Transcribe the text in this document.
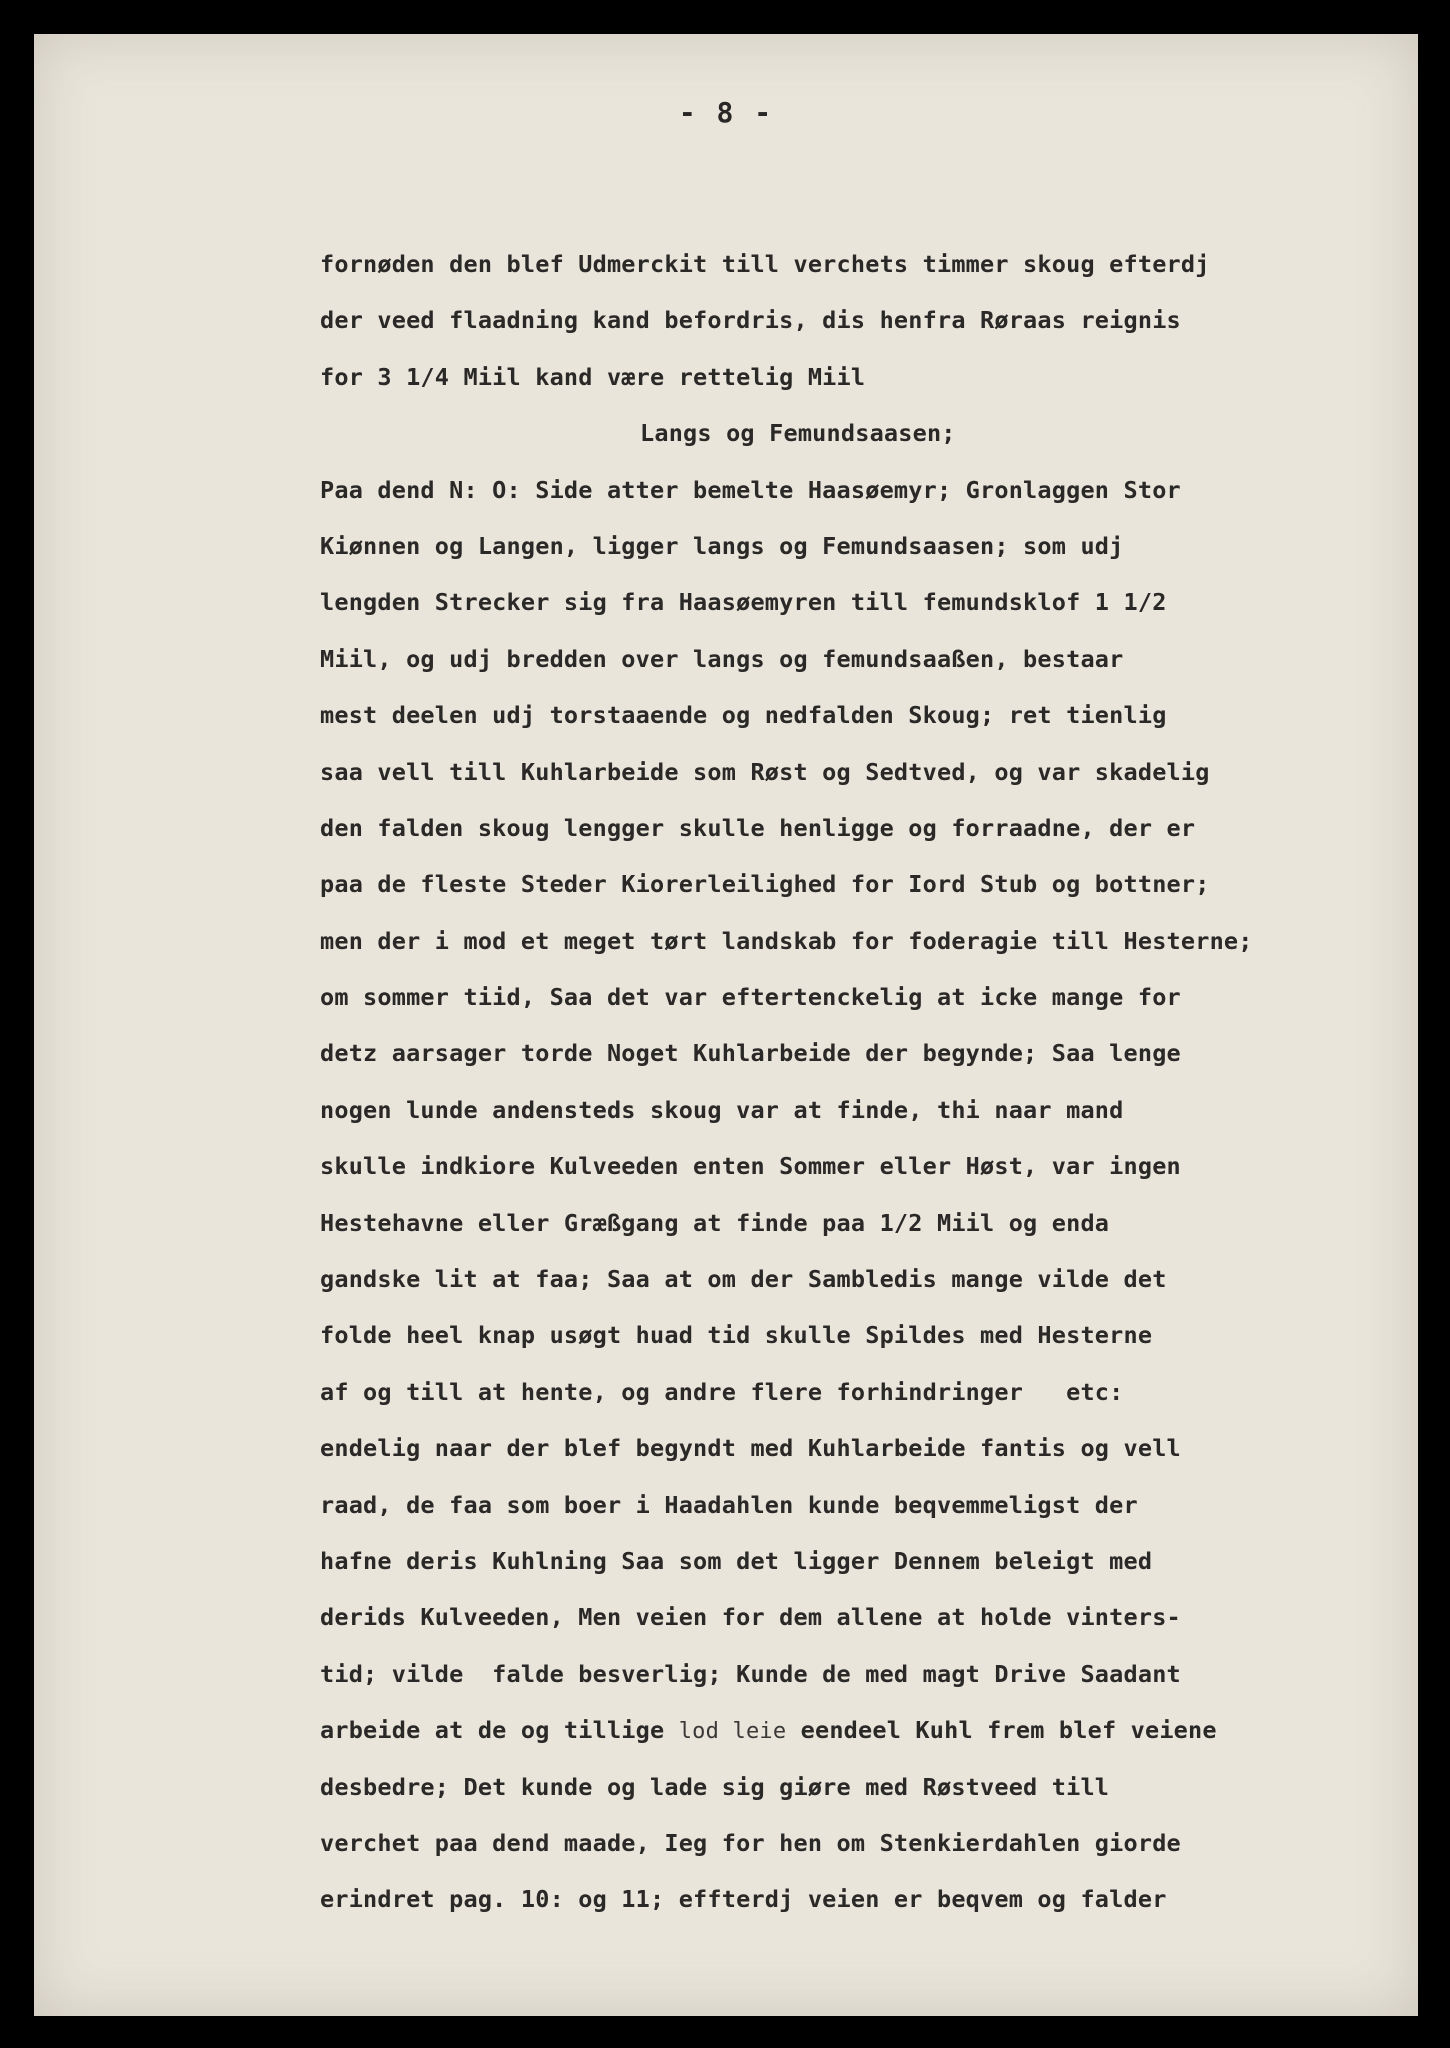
- 8 -
fornøden den blef Udmerckit till verchets timmer skoug efterdj
der veed flaadning kand befordris, dis henfra Røraas reignis
for 3 1/4 Miil kand være rettelig Miil
Langs og Femundsaasen;
Paa dend N: O: Side atter bemelte Haasøemyr; Gronlaggen Stor
Kiønnen og Langen, ligger langs og Femundsaasen; som udj
lengden Strecker sig fra Haasøemyren till femundsklof 1 1/2
Miil, og udj bredden over langs og femundsaaßen, bestaar
mest deelen udj torstaaende og nedfalden Skoug; ret tienlig
saa vell till Kuhlarbeide som Røst og Sedtved, og var skadelig
den falden skoug lengger skulle henligge og forraadne, der er
paa de fleste Steder Kiorerleilighed for Iord Stub og bottner;
men der i mod et meget tørt landskab for foderagie till Hesterne;
om sommer tiid, Saa det var eftertenckelig at icke mange for
detz aarsager torde Noget Kuhlarbeide der begynde; Saa lenge
nogen lunde andensteds skoug var at finde, thi naar mand
skulle indkiore Kulveeden enten Sommer eller Høst, var ingen
Hestehavne eller Græßgang at finde paa 1/2 Miil og enda
gandske lit at faa; Saa at om der Sambledis mange vilde det
folde heel knap usøgt huad tid skulle Spildes med Hesterne
af og till at hente, og andre flere forhindringer   etc:
endelig naar der blef begyndt med Kuhlarbeide fantis og vell
raad, de faa som boer i Haadahlen kunde beqvemmeligst der
hafne deris Kuhlning Saa som det ligger Dennem beleigt med
derids Kulveeden, Men veien for dem allene at holde vinters-
tid; vilde  falde besverlig; Kunde de med magt Drive Saadant
arbeide at de og tillige lod leie eendeel Kuhl frem blef veiene
desbedre; Det kunde og lade sig giøre med Røstveed till
verchet paa dend maade, Ieg for hen om Stenkierdahlen giorde
erindret pag. 10: og 11; effterdj veien er beqvem og falder
